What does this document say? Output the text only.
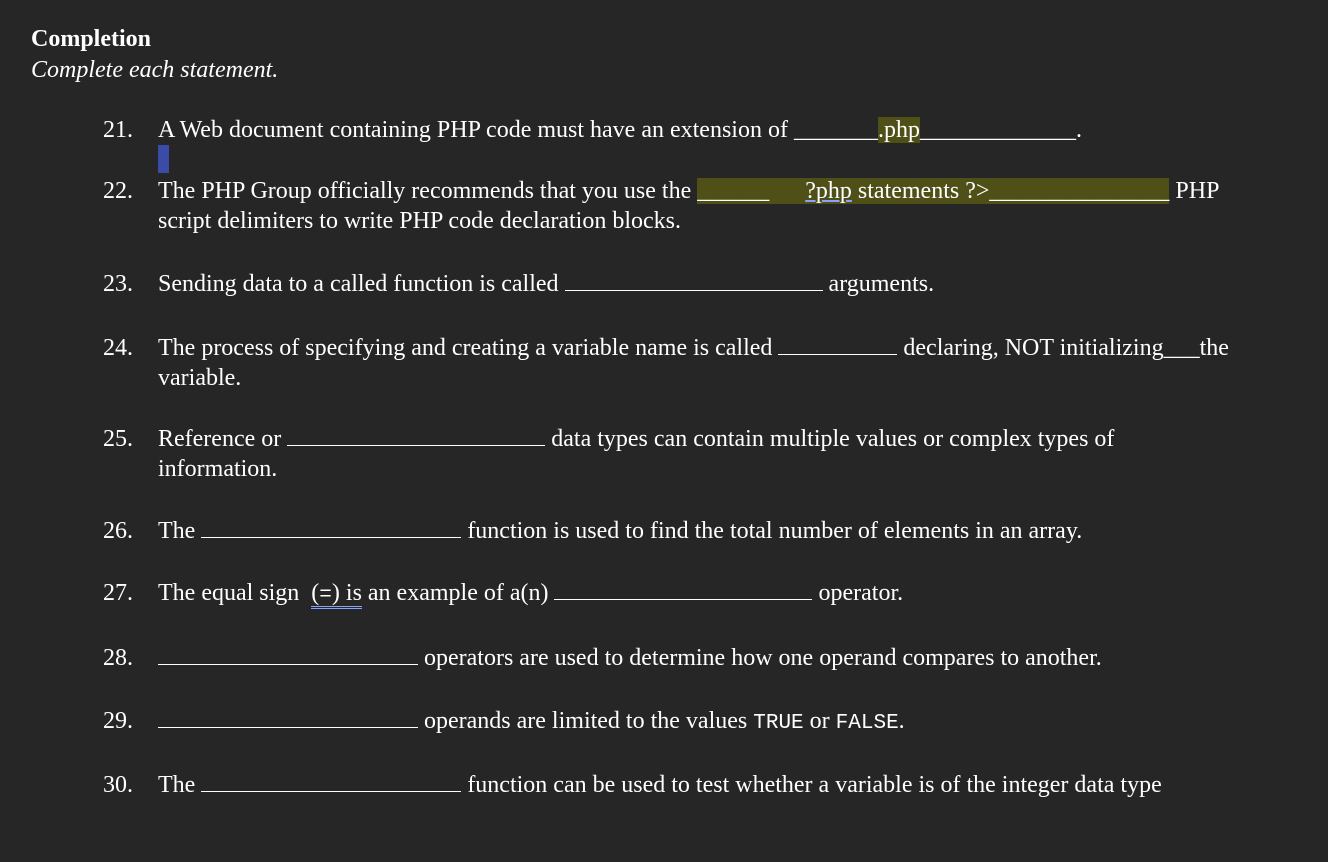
Completion
Complete each statement.
21. A Web document containing PHP code must have an extension of _______.php_____________.
22. The PHP Group officially recommends that you use the ______ ?php statements ?>_______________ PHP
script delimiters to write PHP code declaration blocks.
23. Sending data to a called function is called	arguments.
24. The process of specifying and creating a variable name is called	declaring, NOT initializing___the
variable.
25. Reference or	data types can contain multiple values or complex types of
information.
26. The	function is used to find the total number of elements in an array.
27. The equal sign (=) is an example of a(n)	operator.
28.	operators are used to determine how one operand compares to another.
29.	operands are limited to the values TRUE or FALSE.
30. The	function can be used to test whether a variable is of the integer data type
